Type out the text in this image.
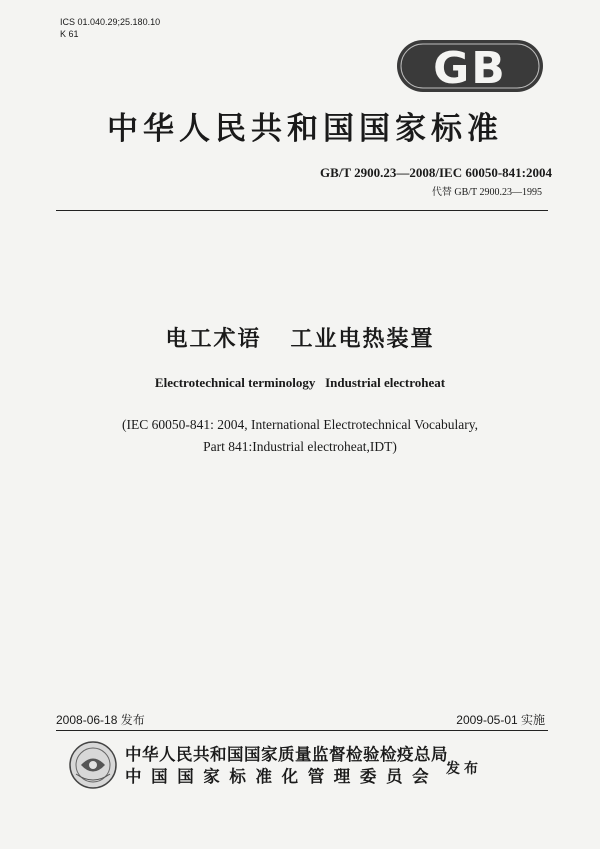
ICS 01.040.29;25.180.10
K 61
GB
中华人民共和国国家标准
GB/T 2900.23—2008/IEC 60050-841:2004
代替 GB/T 2900.23—1995
电工术语   工业电热装置
Electrotechnical terminology   Industrial electroheat
(IEC 60050-841: 2004, International Electrotechnical Vocabulary,
Part 841:Industrial electroheat,IDT)
2008-06-18 发布	2009-05-01 实施
中华人民共和国国家质量监督检验检疫总局
中国国家标准化管理委员会 发布
